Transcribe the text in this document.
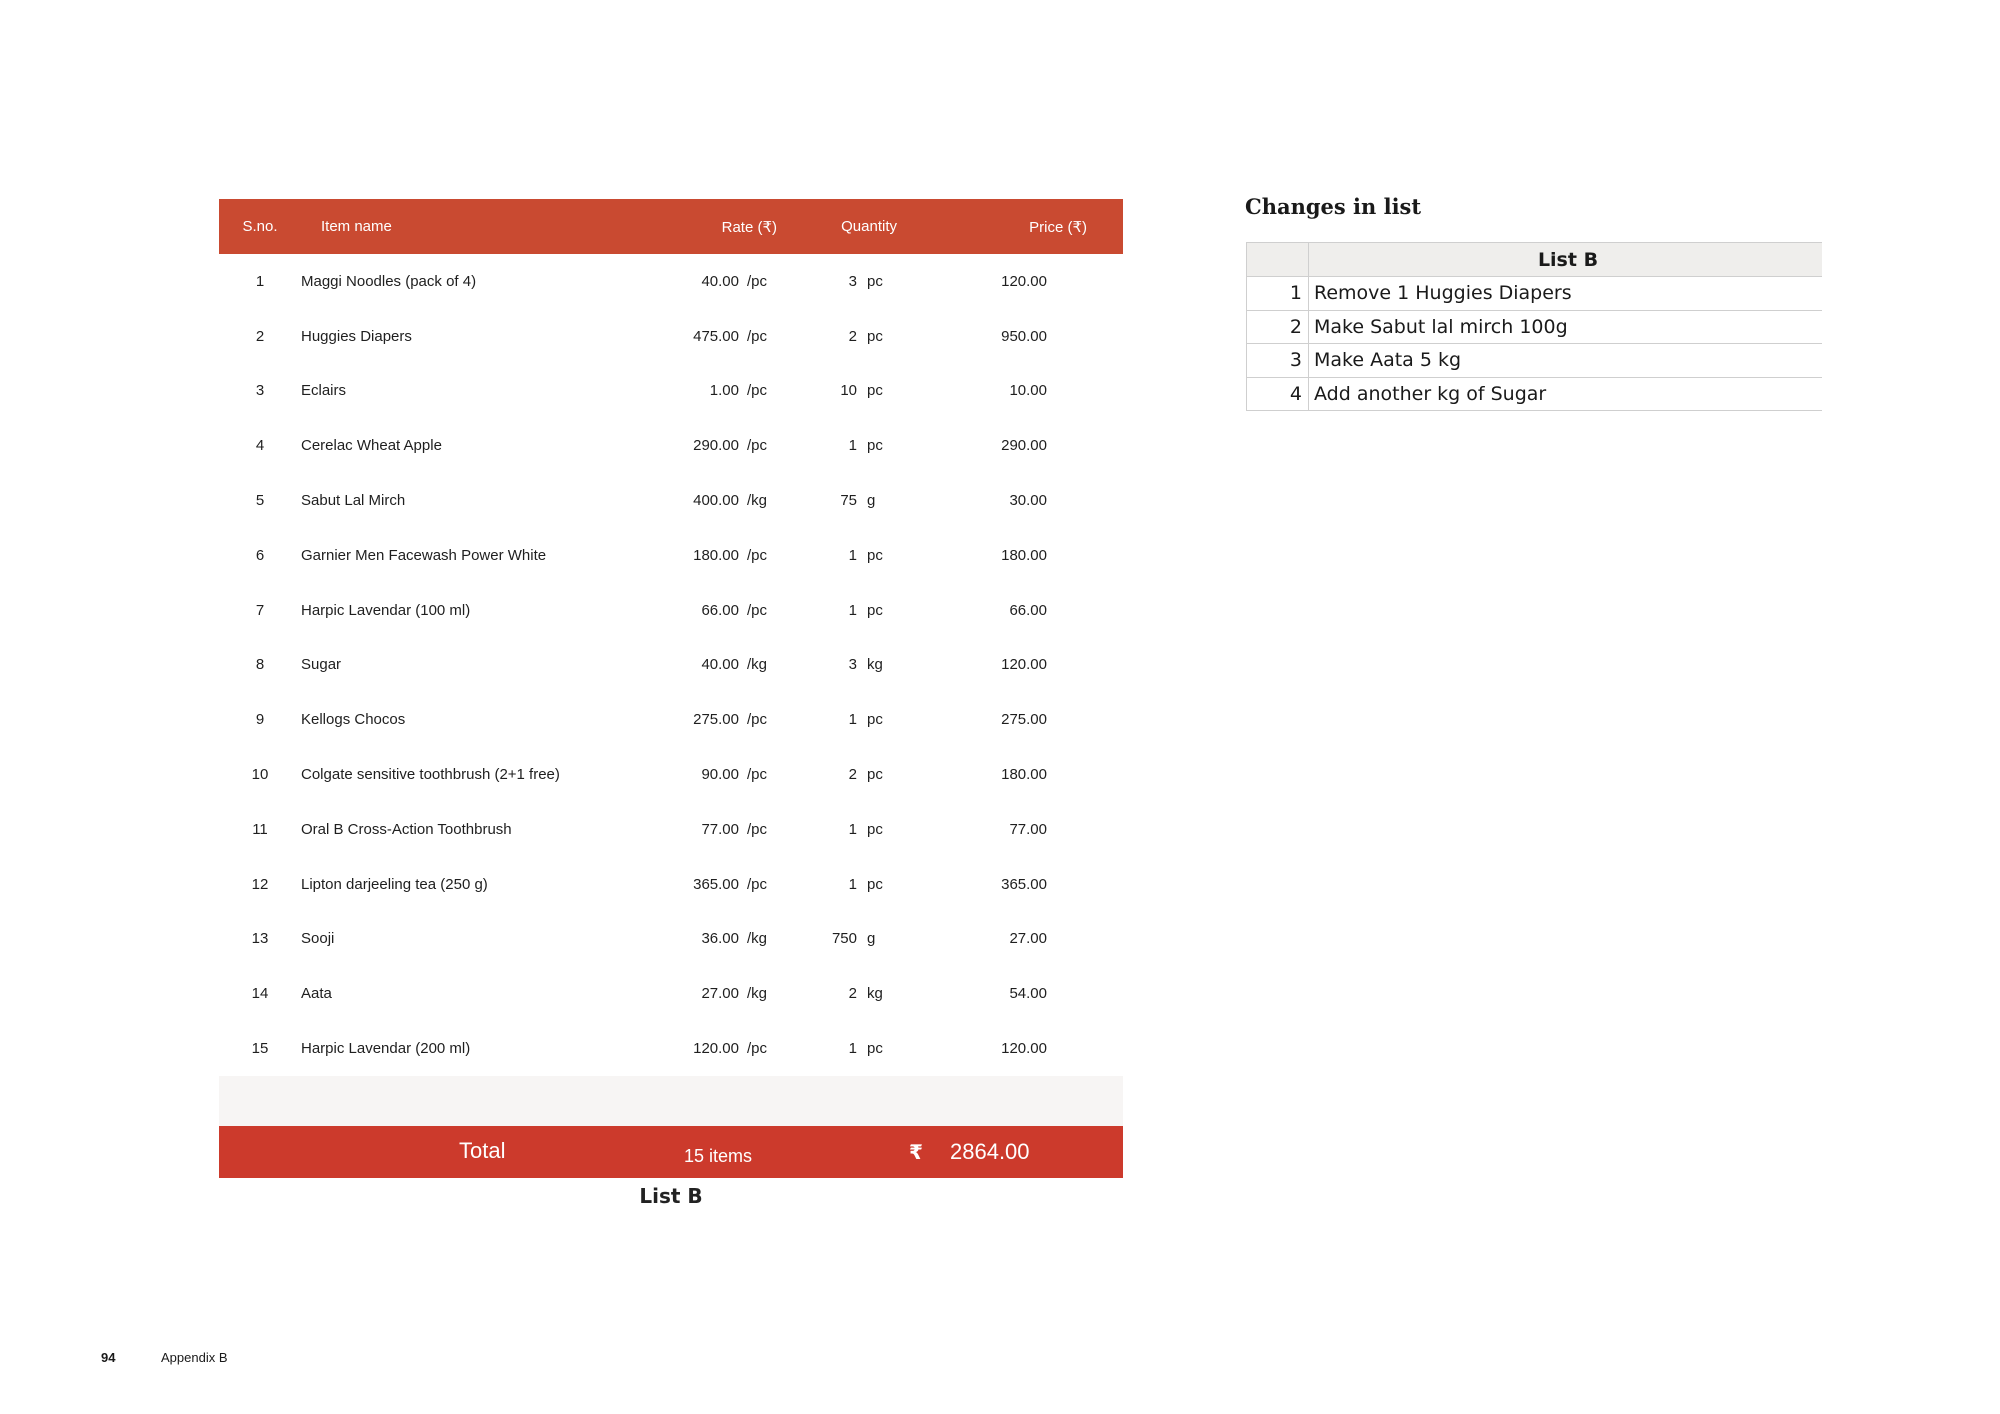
S.no.	Item name	Rate (₹)	Quantity	Price (₹)
1	Maggi Noodles (pack of 4)	40.00 /pc	3 pc	120.00
2	Huggies Diapers	475.00 /pc	2 pc	950.00
3	Eclairs	1.00 /pc	10 pc	10.00
4	Cerelac Wheat Apple	290.00 /pc	1 pc	290.00
5	Sabut Lal Mirch	400.00 /kg	75 g	30.00
6	Garnier Men Facewash Power White	180.00 /pc	1 pc	180.00
7	Harpic Lavendar (100 ml)	66.00 /pc	1 pc	66.00
8	Sugar	40.00 /kg	3 kg	120.00
9	Kellogs Chocos	275.00 /pc	1 pc	275.00
10	Colgate sensitive toothbrush (2+1 free)	90.00 /pc	2 pc	180.00
11	Oral B Cross-Action Toothbrush	77.00 /pc	1 pc	77.00
12	Lipton darjeeling tea (250 g)	365.00 /pc	1 pc	365.00
13	Sooji	36.00 /kg	750 g	27.00
14	Aata	27.00 /kg	2 kg	54.00
15	Harpic Lavendar (200 ml)	120.00 /pc	1 pc	120.00
Total	15 items	₹ 2864.00
List B
Changes in list
List B
1 Remove 1 Huggies Diapers
2 Make Sabut lal mirch 100g
3 Make Aata 5 kg
4 Add another kg of Sugar
94	Appendix B
